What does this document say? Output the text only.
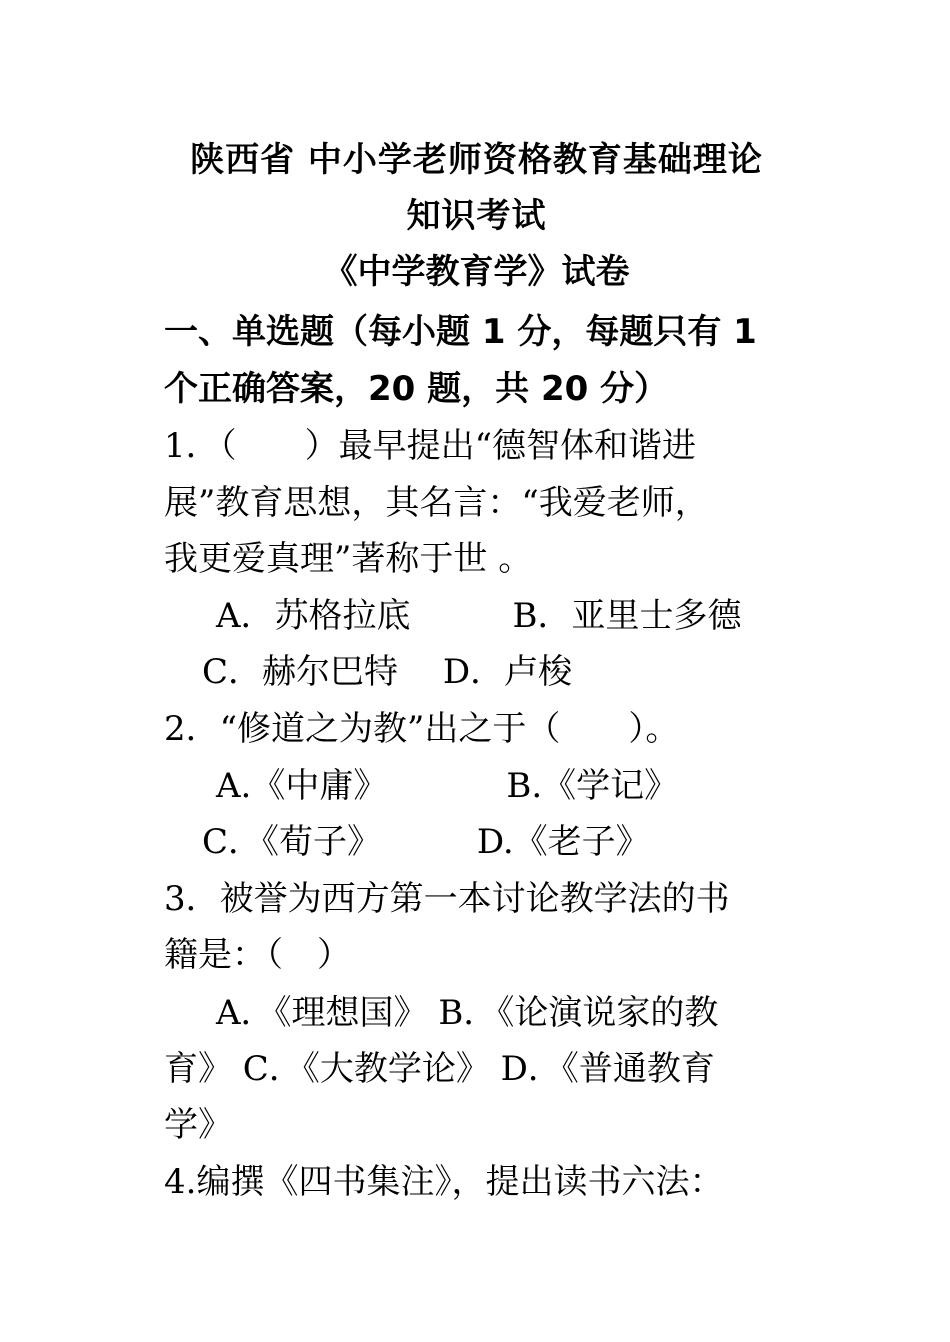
陕西省 中小学老师资格教育基础理论
知识考试
《中学教育学》试卷
一、单选题（每小题 1 分，每题只有 1
个正确答案，20 题，共 20 分）
1．（　　）最早提出“德智体和谐进
展”教育思想，其名言：“我爱老师，
我更爱真理”著称于世 。
A．苏格拉底　　　B．亚里士多德
C．赫尔巴特　 D．卢梭
2．“修道之为教”出之于（　　）。
A.《中庸》　　　　B.《学记》
C．《荀子》　　　 D.《老子》
3．被誉为西方第一本讨论教学法的书
籍是：（　）
A．《理想国》 B．《论演说家的教
育》 C．《大教学论》 D．《普通教育
学》
4.编撰《四书集注》，提出读书六法：
